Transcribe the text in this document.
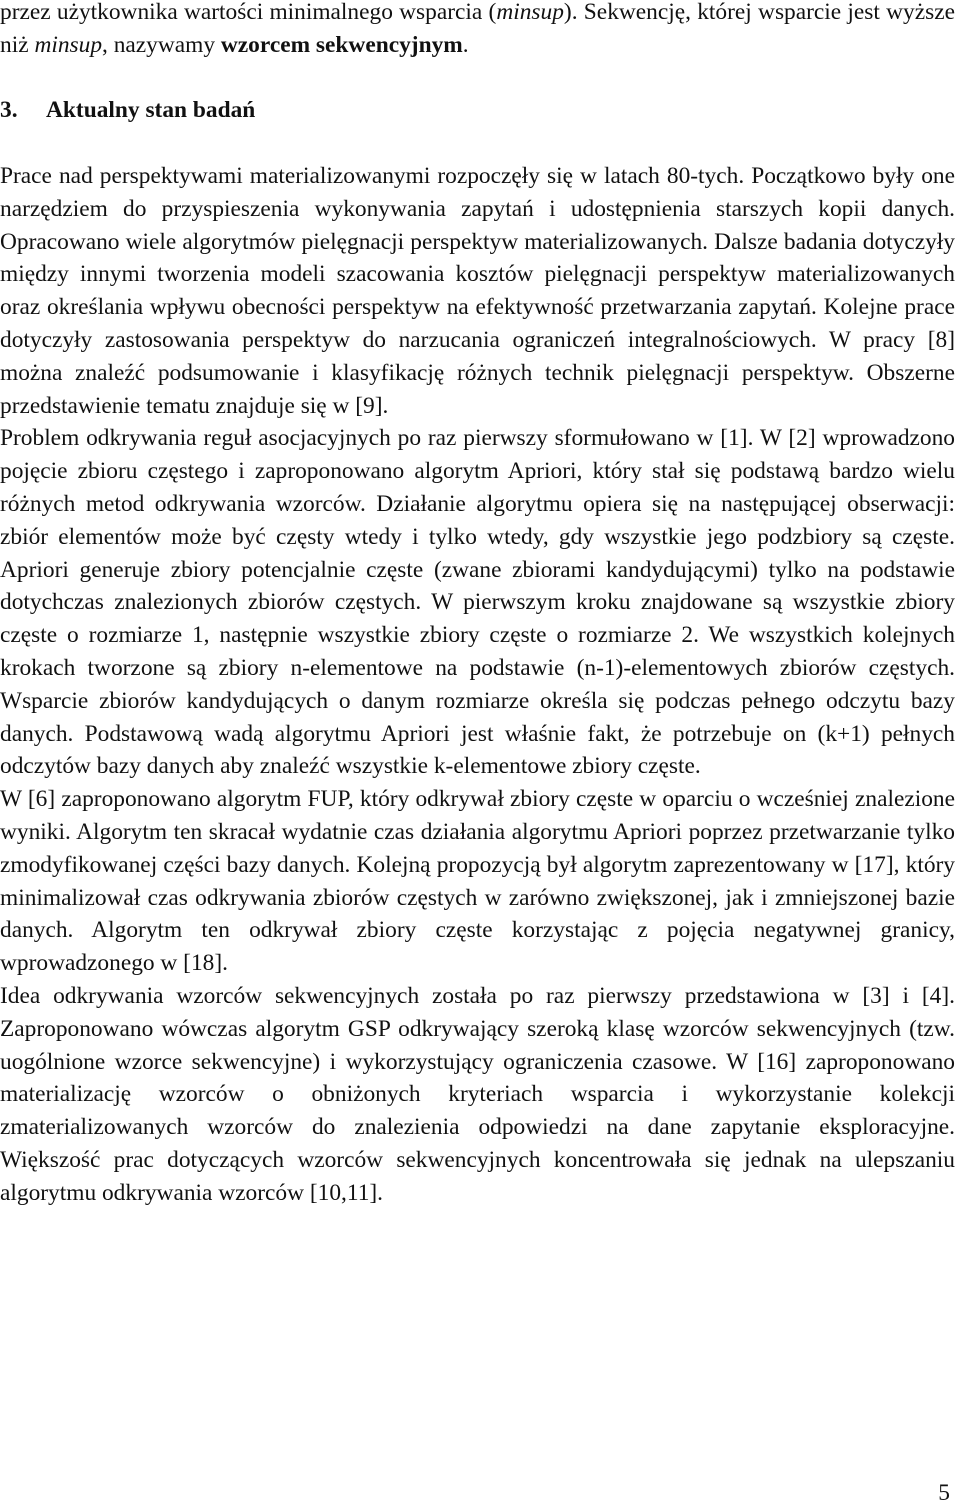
przez użytkownika wartości minimalnego wsparcia (minsup). Sekwencję, której wsparcie jest wyższe niż minsup, nazywamy wzorcem sekwencyjnym.

3. Aktualny stan badań

Prace nad perspektywami materializowanymi rozpoczęły się w latach 80-tych. Początkowo były one narzędziem do przyspieszenia wykonywania zapytań i udostępnienia starszych kopii danych. Opracowano wiele algorytmów pielęgnacji perspektyw materializowanych. Dalsze badania dotyczyły między innymi tworzenia modeli szacowania kosztów pielęgnacji perspektyw materializowanych oraz określania wpływu obecności perspektyw na efektywność przetwarzania zapytań. Kolejne prace dotyczyły zastosowania perspektyw do narzucania ograniczeń integralnościowych. W pracy [8] można znaleźć podsumowanie i klasyfikację różnych technik pielęgnacji perspektyw. Obszerne przedstawienie tematu znajduje się w [9].

Problem odkrywania reguł asocjacyjnych po raz pierwszy sformułowano w [1]. W [2] wprowadzono pojęcie zbioru częstego i zaproponowano algorytm Apriori, który stał się podstawą bardzo wielu różnych metod odkrywania wzorców. Działanie algorytmu opiera się na następującej obserwacji: zbiór elementów może być częsty wtedy i tylko wtedy, gdy wszystkie jego podzbiory są częste. Apriori generuje zbiory potencjalnie częste (zwane zbiorami kandydującymi) tylko na podstawie dotychczas znalezionych zbiorów częstych. W pierwszym kroku znajdowane są wszystkie zbiory częste o rozmiarze 1, następnie wszystkie zbiory częste o rozmiarze 2. We wszystkich kolejnych krokach tworzone są zbiory n-elementowe na podstawie (n-1)-elementowych zbiorów częstych. Wsparcie zbiorów kandydujących o danym rozmiarze określa się podczas pełnego odczytu bazy danych. Podstawową wadą algorytmu Apriori jest właśnie fakt, że potrzebuje on (k+1) pełnych odczytów bazy danych aby znaleźć wszystkie k-elementowe zbiory częste.

W [6] zaproponowano algorytm FUP, który odkrywał zbiory częste w oparciu o wcześniej znalezione wyniki. Algorytm ten skracał wydatnie czas działania algorytmu Apriori poprzez przetwarzanie tylko zmodyfikowanej części bazy danych. Kolejną propozycją był algorytm zaprezentowany w [17], który minimalizował czas odkrywania zbiorów częstych w zarówno zwiększonej, jak i zmniejszonej bazie danych. Algorytm ten odkrywał zbiory częste korzystając z pojęcia negatywnej granicy, wprowadzonego w [18].

Idea odkrywania wzorców sekwencyjnych została po raz pierwszy przedstawiona w [3] i [4]. Zaproponowano wówczas algorytm GSP odkrywający szeroką klasę wzorców sekwencyjnych (tzw. uogólnione wzorce sekwencyjne) i wykorzystujący ograniczenia czasowe. W [16] zaproponowano materializację wzorców o obniżonych kryteriach wsparcia i wykorzystanie kolekcji zmaterializowanych wzorców do znalezienia odpowiedzi na dane zapytanie eksploracyjne. Większość prac dotyczących wzorców sekwencyjnych koncentrowała się jednak na ulepszaniu algorytmu odkrywania wzorców [10,11].

5
